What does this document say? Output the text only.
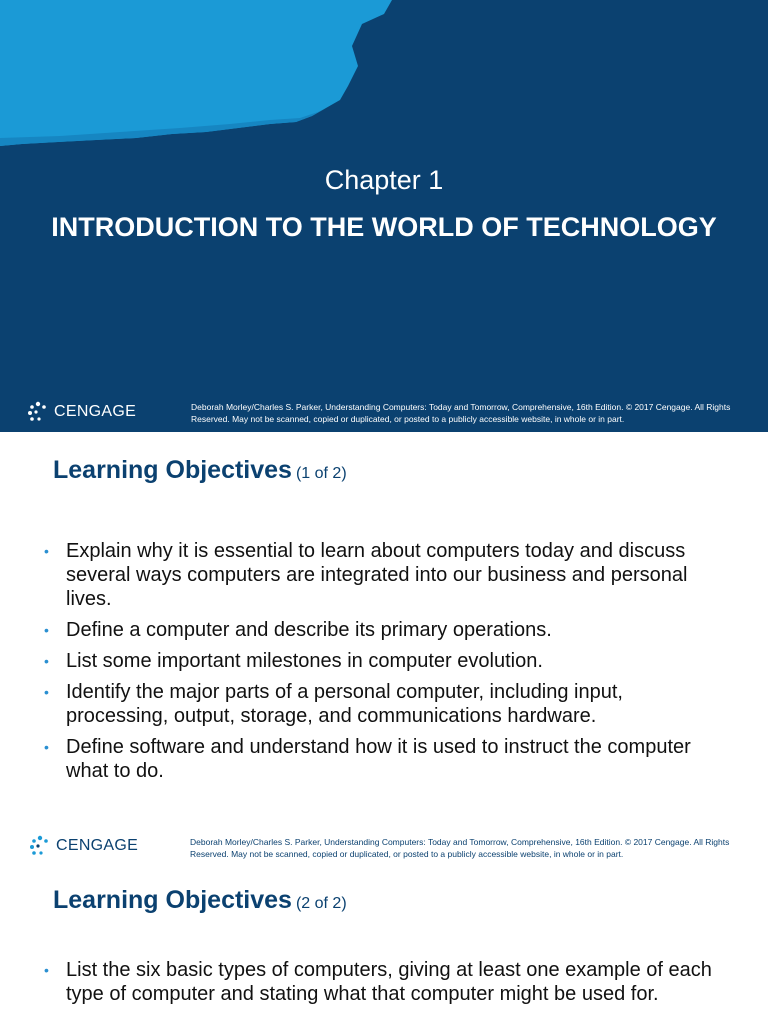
Chapter 1
INTRODUCTION TO THE WORLD OF TECHNOLOGY
CENGAGE	Deborah Morley/Charles S. Parker, Understanding Computers: Today and Tomorrow, Comprehensive, 16th Edition. © 2017 Cengage. All Rights Reserved. May not be scanned, copied or duplicated, or posted to a publicly accessible website, in whole or in part.
Learning Objectives (1 of 2)
• Explain why it is essential to learn about computers today and discuss several ways computers are integrated into our business and personal lives.
• Define a computer and describe its primary operations.
• List some important milestones in computer evolution.
• Identify the major parts of a personal computer, including input, processing, output, storage, and communications hardware.
• Define software and understand how it is used to instruct the computer what to do.
CENGAGE	Deborah Morley/Charles S. Parker, Understanding Computers: Today and Tomorrow, Comprehensive, 16th Edition. © 2017 Cengage. All Rights Reserved. May not be scanned, copied or duplicated, or posted to a publicly accessible website, in whole or in part.
Learning Objectives (2 of 2)
• List the six basic types of computers, giving at least one example of each type of computer and stating what that computer might be used for.
